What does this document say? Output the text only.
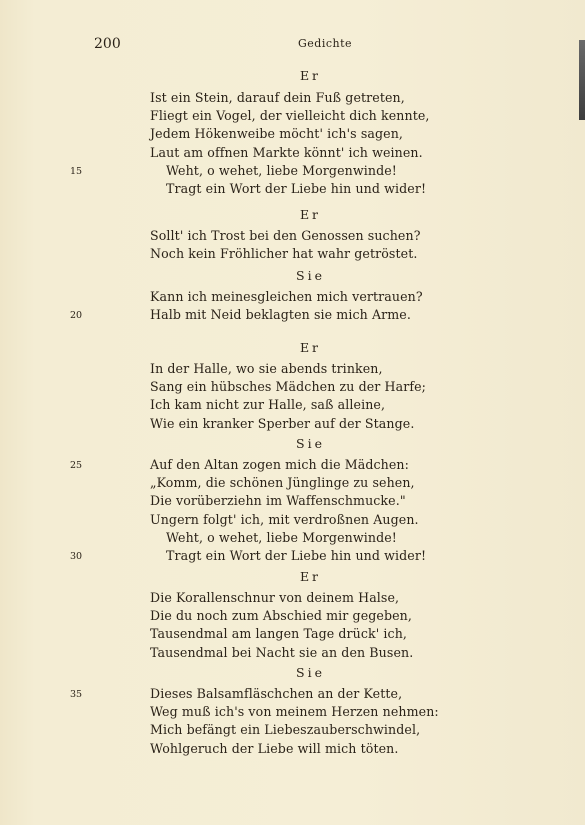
200	Gedichte
Er
Ist ein Stein, darauf dein Fuß getreten,
Fliegt ein Vogel, der vielleicht dich kennte,
Jedem Hökenweibe möcht' ich's sagen,
Laut am offnen Markte könnt' ich weinen.
Weht, o wehet, liebe Morgenwinde!
15
Tragt ein Wort der Liebe hin und wider!
Er
Sollt' ich Trost bei den Genossen suchen?
Noch kein Fröhlicher hat wahr getröstet.
Sie
Kann ich meinesgleichen mich vertrauen?
Halb mit Neid beklagten sie mich Arme.
20
Er
In der Halle, wo sie abends trinken,
Sang ein hübsches Mädchen zu der Harfe;
Ich kam nicht zur Halle, saß alleine,
Wie ein kranker Sperber auf der Stange.
Sie
Auf den Altan zogen mich die Mädchen:
25
„Komm, die schönen Jünglinge zu sehen,
Die vorüberziehn im Waffenschmucke."
Ungern folgt' ich, mit verdroßnen Augen.
Weht, o wehet, liebe Morgenwinde!
Tragt ein Wort der Liebe hin und wider!
30
Er
Die Korallenschnur von deinem Halse,
Die du noch zum Abschied mir gegeben,
Tausendmal am langen Tage drück' ich,
Tausendmal bei Nacht sie an den Busen.
Sie
Dieses Balsamfläschchen an der Kette,
35
Weg muß ich's von meinem Herzen nehmen:
Mich befängt ein Liebeszauberschwindel,
Wohlgeruch der Liebe will mich töten.
